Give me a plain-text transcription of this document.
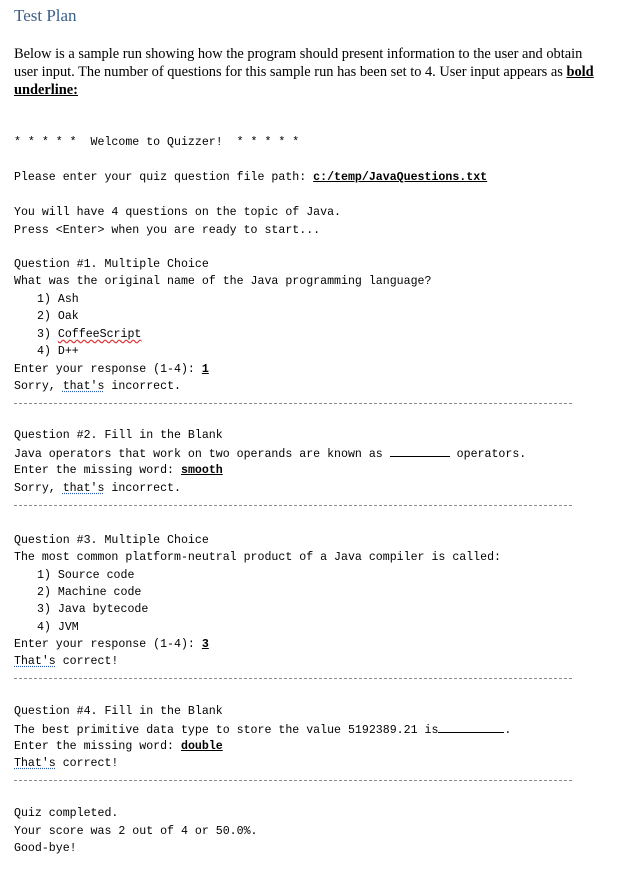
Test Plan
Below is a sample run showing how the program should present information to the user and obtain user input. The number of questions for this sample run has been set to 4. User input appears as bold underline:
* * * * *  Welcome to Quizzer!  * * * * *
Please enter your quiz question file path: c:/temp/JavaQuestions.txt
You will have 4 questions on the topic of Java.
Press <Enter> when you are ready to start...
Question #1. Multiple Choice
What was the original name of the Java programming language?
1) Ash
2) Oak
3) CoffeeScript
4) D++
Enter your response (1-4): 1
Sorry, that's incorrect.
Question #2. Fill in the Blank
Java operators that work on two operands are known as	operators.
Enter the missing word: smooth
Sorry, that's incorrect.
Question #3. Multiple Choice
The most common platform-neutral product of a Java compiler is called:
1) Source code
2) Machine code
3) Java bytecode
4) JVM
Enter your response (1-4): 3
That's correct!
Question #4. Fill in the Blank
The best primitive data type to store the value 5192389.21 is	.
Enter the missing word: double
That's correct!
Quiz completed.
Your score was 2 out of 4 or 50.0%.
Good-bye!
